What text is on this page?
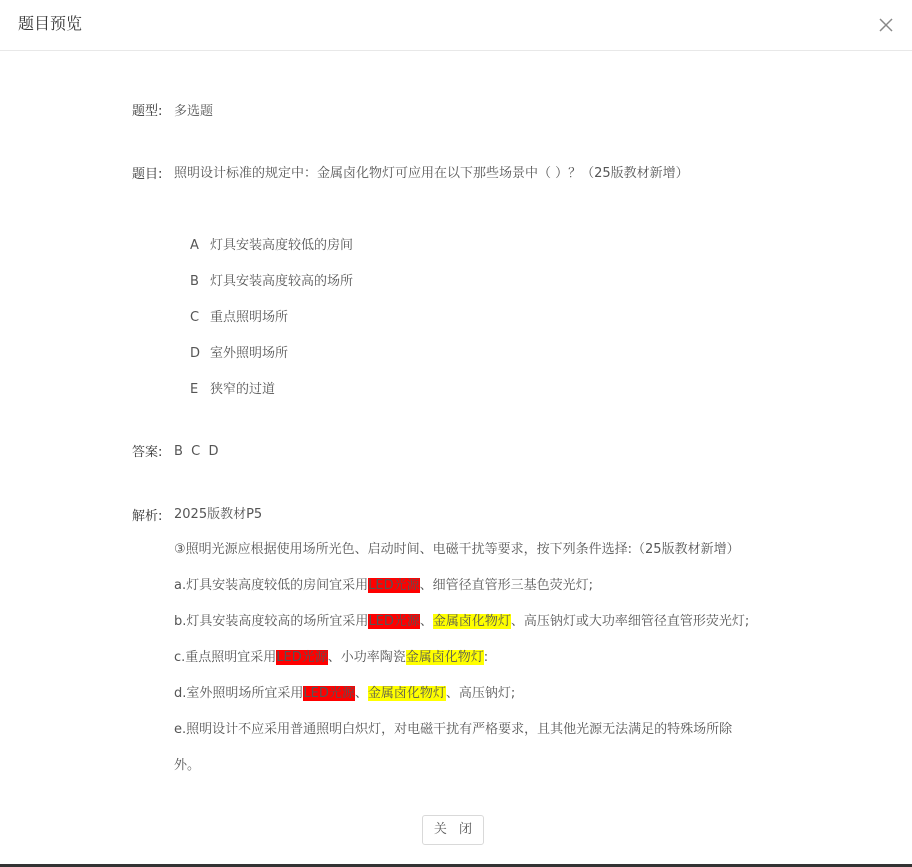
题目预览
题型: 多选题
题目: 照明设计标准的规定中：金属卤化物灯可应用在以下那些场景中（ ）？（25版教材新增）
A 灯具安装高度较低的房间
B 灯具安装高度较高的场所
C 重点照明场所
D 室外照明场所
E 狭窄的过道
答案: B  C  D
解析: 2025版教材P5
③照明光源应根据使用场所光色、启动时间、电磁干扰等要求，按下列条件选择:（25版教材新增）
a.灯具安装高度较低的房间宜采用LED光源、细管径直管形三基色荧光灯;
b.灯具安装高度较高的场所宜采用LED光源、金属卤化物灯、高压钠灯或大功率细管径直管形荧光灯;
c.重点照明宜采用LED光源、小功率陶瓷金属卤化物灯:
d.室外照明场所宜采用LED光源、金属卤化物灯、高压钠灯;
e.照明设计不应采用普通照明白炽灯，对电磁干扰有严格要求，且其他光源无法满足的特殊场所除
外。
关 闭
